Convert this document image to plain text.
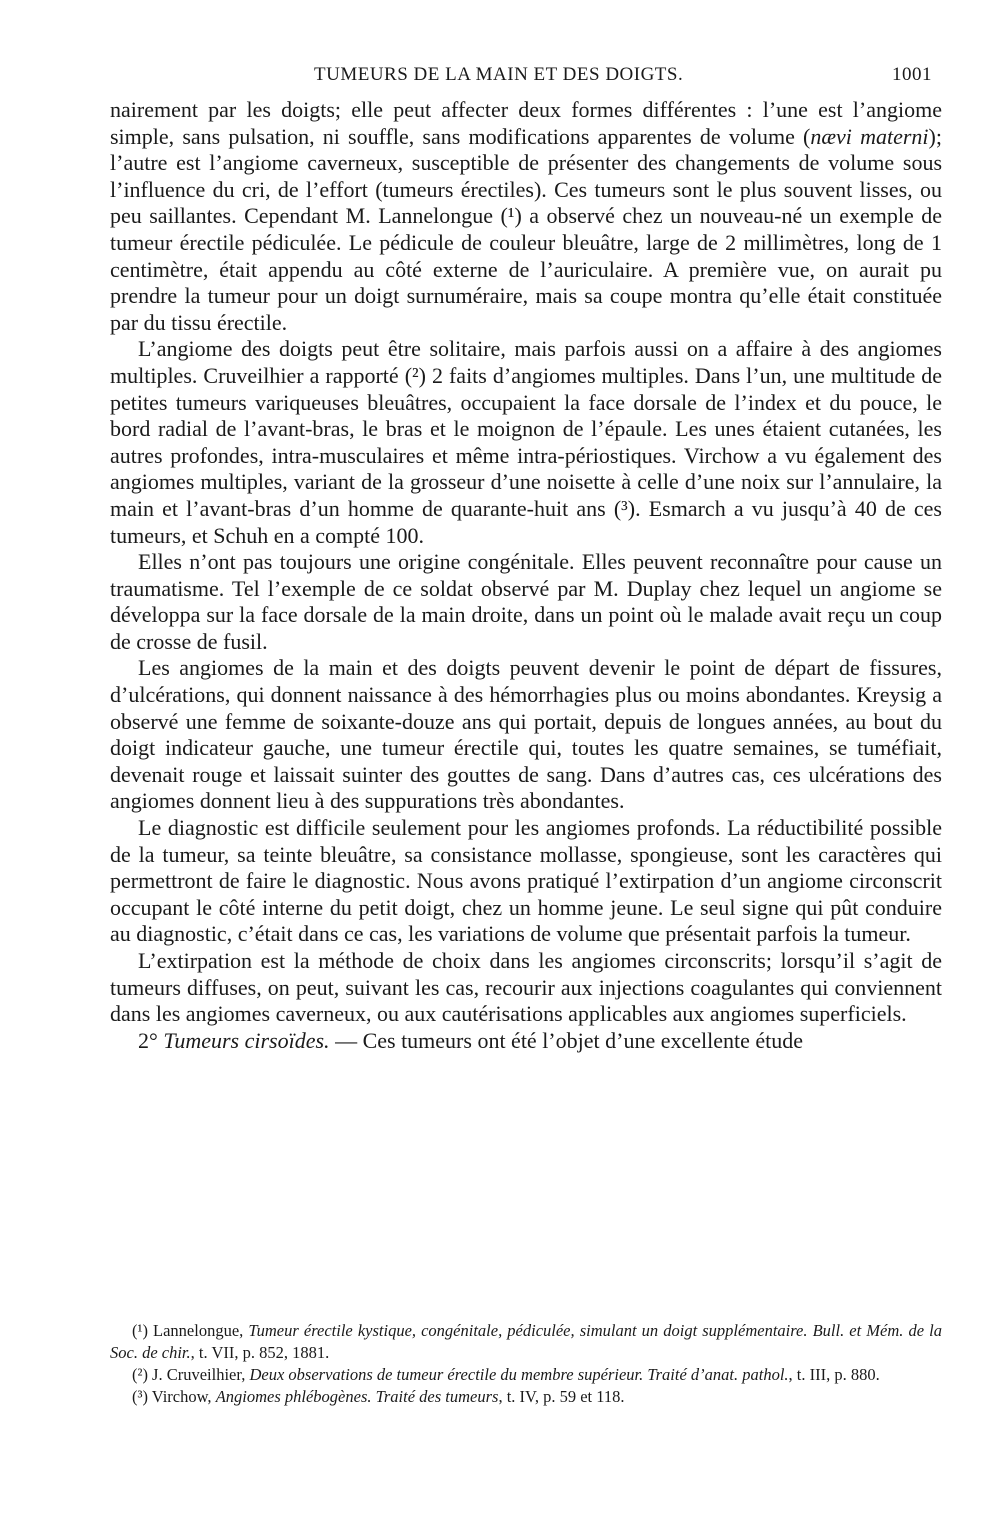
TUMEURS DE LA MAIN ET DES DOIGTS.	1001

nairement par les doigts; elle peut affecter deux formes différentes : l’une est l’angiome simple, sans pulsation, ni souffle, sans modifications apparentes de volume (nævi materni); l’autre est l’angiome caverneux, susceptible de présenter des changements de volume sous l’influence du cri, de l’effort (tumeurs érectiles). Ces tumeurs sont le plus souvent lisses, ou peu saillantes. Cependant M. Lannelongue (¹) a observé chez un nouveau-né un exemple de tumeur érectile pédiculée. Le pédicule de couleur bleuâtre, large de 2 millimètres, long de 1 centimètre, était appendu au côté externe de l’auriculaire. A première vue, on aurait pu prendre la tumeur pour un doigt surnuméraire, mais sa coupe montra qu’elle était constituée par du tissu érectile.

L’angiome des doigts peut être solitaire, mais parfois aussi on a affaire à des angiomes multiples. Cruveilhier a rapporté (²) 2 faits d’angiomes multiples. Dans l’un, une multitude de petites tumeurs variqueuses bleuâtres, occupaient la face dorsale de l’index et du pouce, le bord radial de l’avant-bras, le bras et le moignon de l’épaule. Les unes étaient cutanées, les autres profondes, intra-musculaires et même intra-périostiques. Virchow a vu également des angiomes multiples, variant de la grosseur d’une noisette à celle d’une noix sur l’annulaire, la main et l’avant-bras d’un homme de quarante-huit ans (³). Esmarch a vu jusqu’à 40 de ces tumeurs, et Schuh en a compté 100.

Elles n’ont pas toujours une origine congénitale. Elles peuvent reconnaître pour cause un traumatisme. Tel l’exemple de ce soldat observé par M. Duplay chez lequel un angiome se développa sur la face dorsale de la main droite, dans un point où le malade avait reçu un coup de crosse de fusil.

Les angiomes de la main et des doigts peuvent devenir le point de départ de fissures, d’ulcérations, qui donnent naissance à des hémorrhagies plus ou moins abondantes. Kreysig a observé une femme de soixante-douze ans qui portait, depuis de longues années, au bout du doigt indicateur gauche, une tumeur érectile qui, toutes les quatre semaines, se tuméfiait, devenait rouge et laissait suinter des gouttes de sang. Dans d’autres cas, ces ulcérations des angiomes donnent lieu à des suppurations très abondantes.

Le diagnostic est difficile seulement pour les angiomes profonds. La réductibilité possible de la tumeur, sa teinte bleuâtre, sa consistance mollasse, spongieuse, sont les caractères qui permettront de faire le diagnostic. Nous avons pratiqué l’extirpation d’un angiome circonscrit occupant le côté interne du petit doigt, chez un homme jeune. Le seul signe qui pût conduire au diagnostic, c’était dans ce cas, les variations de volume que présentait parfois la tumeur.

L’extirpation est la méthode de choix dans les angiomes circonscrits; lorsqu’il s’agit de tumeurs diffuses, on peut, suivant les cas, recourir aux injections coagulantes qui conviennent dans les angiomes caverneux, ou aux cautérisations applicables aux angiomes superficiels.

2° Tumeurs cirsoïdes. — Ces tumeurs ont été l’objet d’une excellente étude

(¹) Lannelongue, Tumeur érectile kystique, congénitale, pédiculée, simulant un doigt supplémentaire. Bull. et Mém. de la Soc. de chir., t. VII, p. 852, 1881.

(²) J. Cruveilhier, Deux observations de tumeur érectile du membre supérieur. Traité d’anat. pathol., t. III, p. 880.

(³) Virchow, Angiomes phlébogènes. Traité des tumeurs, t. IV, p. 59 et 118.
